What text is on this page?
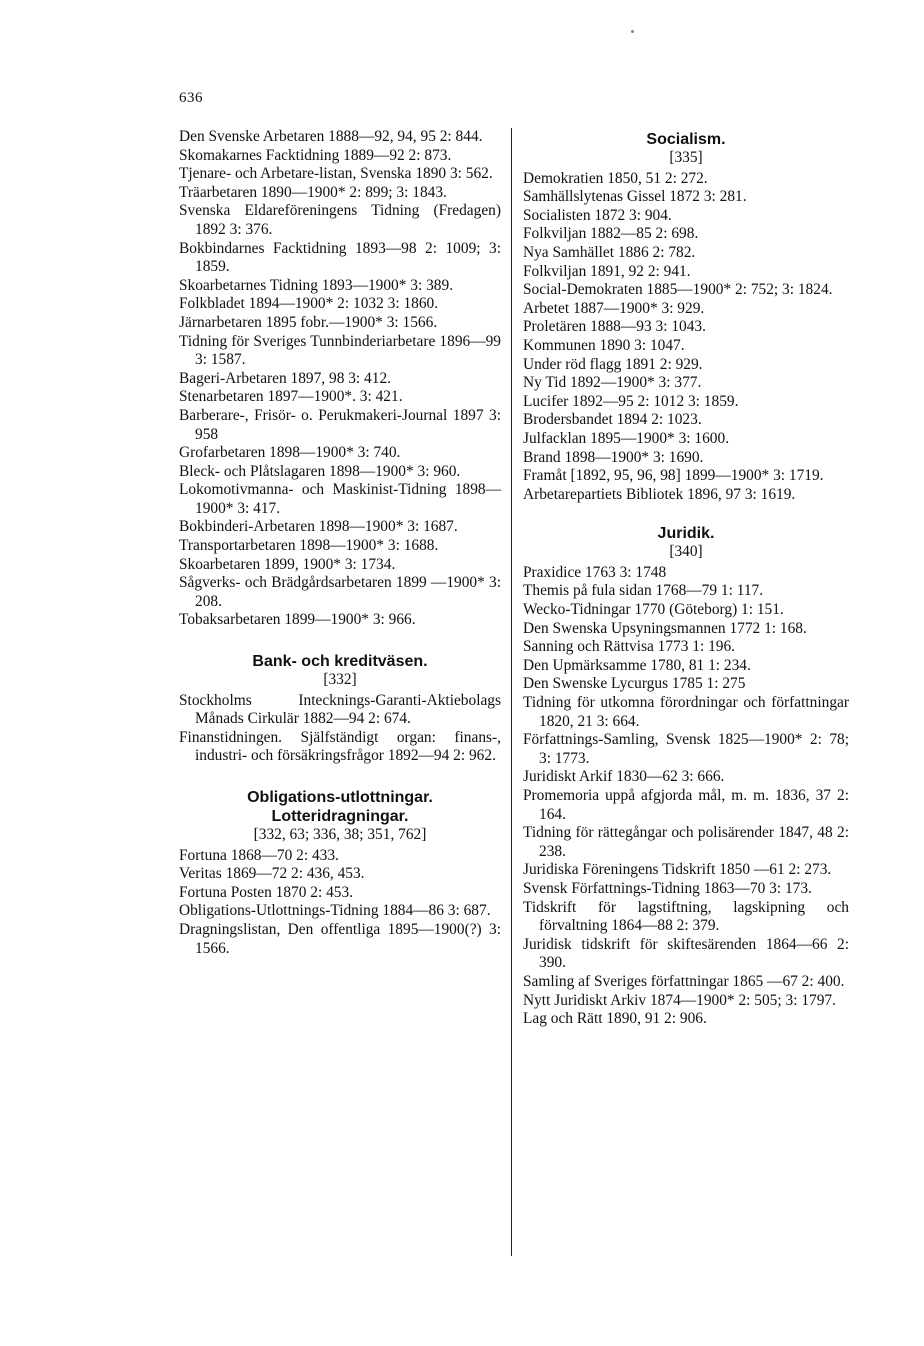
636

Den Svenske Arbetaren 1888—92, 94, 95 2: 844.

Skomakarnes Facktidning 1889—92 2: 873.

Tjenare- och Arbetare-listan, Svenska 1890 3: 562.

Träarbetaren 1890—1900* 2: 899; 3: 1843.

Svenska Eldareföreningens Tidning (Fredagen) 1892 3: 376.

Bokbindarnes Facktidning 1893—98 2: 1009; 3: 1859.

Skoarbetarnes Tidning 1893—1900* 3: 389.

Folkbladet 1894—1900* 2: 1032 3: 1860.

Järnarbetaren 1895 fobr.—1900* 3: 1566.

Tidning för Sveriges Tunnbinderiarbetare 1896—99 3: 1587.

Bageri-Arbetaren 1897, 98 3: 412.

Stenarbetaren 1897—1900*. 3: 421.

Barberare-, Frisör- o. Perukmakeri-Journal 1897 3: 958

Grofarbetaren 1898—1900* 3: 740.

Bleck- och Plåtslagaren 1898—1900* 3: 960.

Lokomotivmanna- och Maskinist-Tidning 1898—1900* 3: 417.

Bokbinderi-Arbetaren 1898—1900* 3: 1687.

Transportarbetaren 1898—1900* 3: 1688.

Skoarbetaren 1899, 1900* 3: 1734.

Sågverks- och Brädgårdsarbetaren 1899 —1900* 3: 208.

Tobaksarbetaren 1899—1900* 3: 966.

Bank- och kreditväsen.

[332]

Stockholms Intecknings-Garanti-Aktiebolags Månads Cirkulär 1882—94 2: 674.

Finanstidningen. Själfständigt organ: finans-, industri- och försäkringsfrågor 1892—94 2: 962.

Obligations-utlottningar. Lotteridragningar.

[332, 63; 336, 38; 351, 762]

Fortuna 1868—70 2: 433.

Veritas 1869—72 2: 436, 453.

Fortuna Posten 1870 2: 453.

Obligations-Utlottnings-Tidning 1884—86 3: 687.

Dragningslistan, Den offentliga 1895—1900(?) 3: 1566.

Socialism.

[335]

Demokratien 1850, 51 2: 272.

Samhällslytenas Gissel 1872 3: 281.

Socialisten 1872 3: 904.

Folkviljan 1882—85 2: 698.

Nya Samhället 1886 2: 782.

Folkviljan 1891, 92 2: 941.

Social-Demokraten 1885—1900* 2: 752; 3: 1824.

Arbetet 1887—1900* 3: 929.

Proletären 1888—93 3: 1043.

Kommunen 1890 3: 1047.

Under röd flagg 1891 2: 929.

Ny Tid 1892—1900* 3: 377.

Lucifer 1892—95 2: 1012 3: 1859.

Brodersbandet 1894 2: 1023.

Julfacklan 1895—1900* 3: 1600.

Brand 1898—1900* 3: 1690.

Framåt [1892, 95, 96, 98] 1899—1900* 3: 1719.

Arbetarepartiets Bibliotek 1896, 97 3: 1619.

Juridik.

[340]

Praxidice 1763 3: 1748

Themis på fula sidan 1768—79 1: 117.

Wecko-Tidningar 1770 (Göteborg) 1: 151.

Den Swenska Upsyningsmannen 1772 1: 168.

Sanning och Rättvisa 1773 1: 196.

Den Upmärksamme 1780, 81 1: 234.

Den Swenske Lycurgus 1785 1: 275

Tidning för utkomna förordningar och författningar 1820, 21 3: 664.

Författnings-Samling, Svensk 1825—1900* 2: 78; 3: 1773.

Juridiskt Arkif 1830—62 3: 666.

Promemoria uppå afgjorda mål, m. m. 1836, 37 2: 164.

Tidning för rättegångar och polisärender 1847, 48 2: 238.

Juridiska Föreningens Tidskrift 1850 —61 2: 273.

Svensk Författnings-Tidning 1863—70 3: 173.

Tidskrift för lagstiftning, lagskipning och förvaltning 1864—88 2: 379.

Juridisk tidskrift för skiftesärenden 1864—66 2: 390.

Samling af Sveriges författningar 1865 —67 2: 400.

Nytt Juridiskt Arkiv 1874—1900* 2: 505; 3: 1797.

Lag och Rätt 1890, 91 2: 906.
